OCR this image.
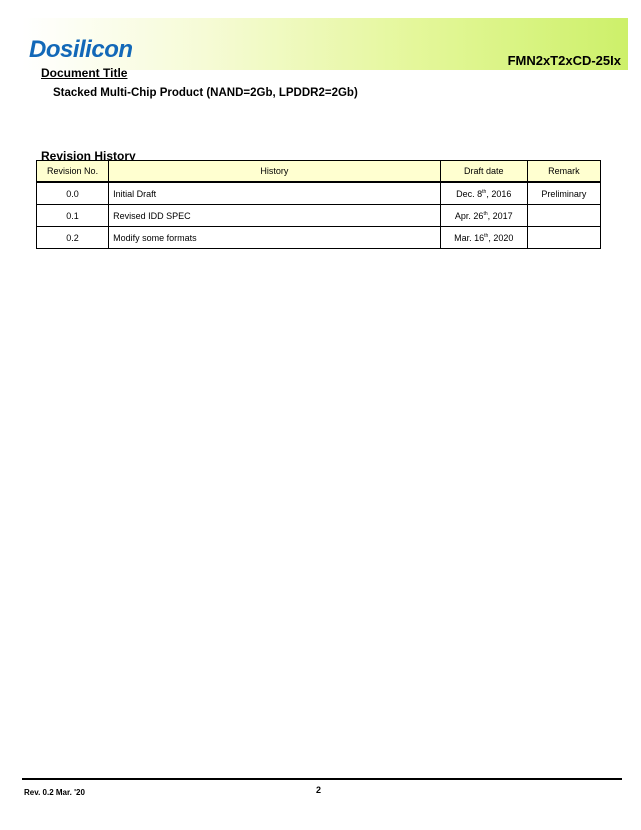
Dosilicon	FMN2xT2xCD-25Ix
Document Title
Stacked Multi-Chip Product (NAND=2Gb, LPDDR2=2Gb)
Revision History
Revision No.	History	Draft date	Remark
0.0	Initial Draft	Dec. 8th, 2016	Preliminary
0.1	Revised IDD SPEC	Apr. 26th, 2017	
0.2	Modify some formats	Mar. 16th, 2020	
Rev. 0.2 Mar. '20	2
